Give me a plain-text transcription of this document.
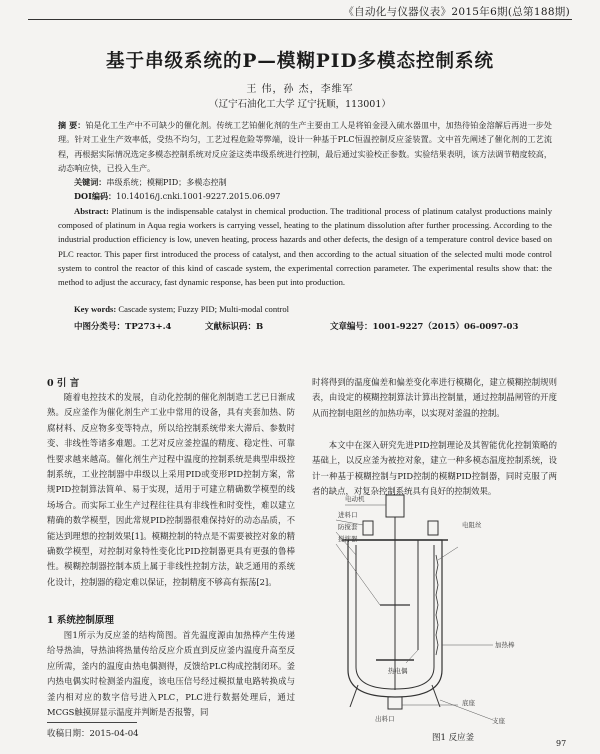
《自动化与仪器仪表》2015年6期(总第188期)
基于串级系统的P—模糊PID多模态控制系统
王 伟，孙 杰，李维军
（辽宁石油化工大学 辽宁抚顺，113001）
摘 要：铂是化工生产中不可缺少的催化剂。传统工艺铂催化剂的生产主要由工人是将铂金浸入硫水器皿中，加热待铂金溶解后再进一步处理。针对工业生产效率低，受热不均匀，工艺过程危险等弊端，设计一种基于PLC恒温控制反应釜装置。文中首先阐述了催化剂的工艺流程，再根据实际情况选定多模态控制系统对反应釜这类串级系统进行控制，最后通过实验校正参数。实验结果表明，该方法调节精度较高，动态响应快，已投入生产。
关键词：串级系统；模糊PID；多模态控制
DOI编码：10.14016/j.cnki.1001-9227.2015.06.097
Abstract: Platinum is the indispensable catalyst in chemical production. The traditional process of platinum catalyst productions mainly composed of platinum in Aqua regia workers is carrying vessel, heating to the platinum dissolution after further processing. According to the industrial production efficiency is low, uneven heating, process hazards and other defects, the design of a temperature control device based on PLC reactor. This paper first introduced the process of catalyst, and then according to the actual situation of the selected multi mode control system to control the reactor of this kind of cascade system, the experimental correction parameter. The experimental results show that: the method to adjust the accuracy, fast dynamic response, has been put into production.
Key words: Cascade system; Fuzzy PID; Multi-modal control
中图分类号：TP273+.4	文献标识码：B	文章编号：1001-9227（2015）06-0097-03
0 引 言
随着电控技术的发展，自动化控制的催化剂制造工艺已日渐成熟。反应釜作为催化剂生产工业中常用的设备，具有夹套加热、防腐材料、反应物多变等特点，所以给控制系统带来大滞后、参数时变、非线性等诸多难题。工艺对反应釜控温的精度、稳定性、可靠性要求越来越高。催化剂生产过程中温度的控制系统是典型串级控制系统，工业控制器中串级以上采用PID或变形PID控制方案，常规PID控制算法简单、易于实现，适用于可建立精确数学模型的线场场合。而实际工业生产过程往往具有非线性和时变性，难以建立精确的数学模型，因此常规PID控制器很难保持好的动态品质，不能达到理想的控制效果[1]。模糊控制的特点是不需要被控对象的精确数学模型，对控制对象特性变化比PID控制器更具有更强的鲁棒性。模糊控制器控制本质上属于非线性控制方法，缺乏通用的系统化设计，控制器的稳定难以保证，控制精度不够高有振荡[2]。
1 系统控制原理
图1所示为反应釜的结构简图。首先温度源由加热棒产生传递给导热油，导热油将热量传给反应介质直到反应釜内温度升高至反应所需，釜内的温度由热电偶测得，反馈给PLC构成控制闭环。釜内热电偶实时检测釜内温度，该电压信号经过模拟量电路转换成与釜内相对应的数字信号进入PLC，PLC进行数据处理后，通过MCGS触摸屏显示温度并判断是否报警，同
时将得到的温度偏差和偏差变化率进行模糊化，建立模糊控制规则表，由设定的模糊控制算法计算出控制量，通过控制晶闸管的开度从而控制电阻丝的加热功率，以实现对釜温的控制。
本文中在深入研究先进PID控制理论及其智能优化控制策略的基础上，以反应釜为被控对象，建立一种多模态温度控制系统，设计一种基于模糊控制与PID控制的模糊PID控制器，同时克服了两者的缺点，对复杂控制系统具有良好的控制效果。
电动机
进料口
防搅套
搅拌器
电阻丝
热电偶
加热棒
底座
支座
出料口
图1 反应釜
收稿日期：2015-04-04
97
